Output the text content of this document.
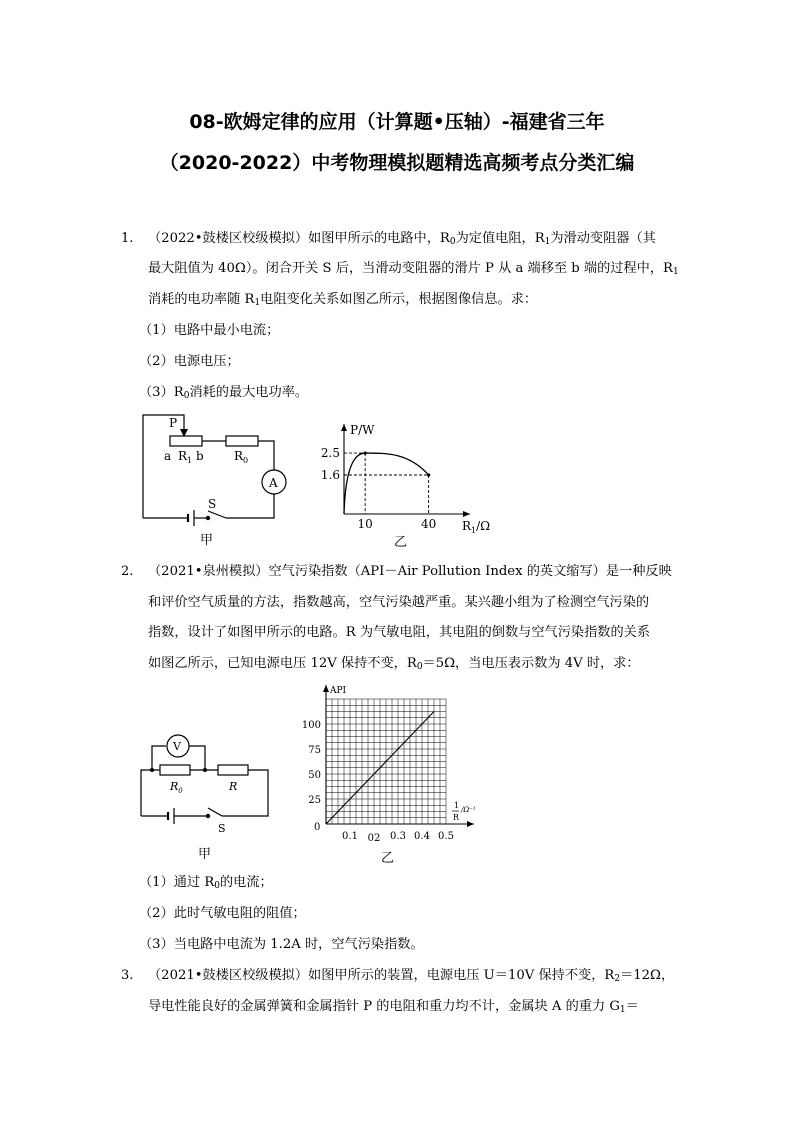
08-欧姆定律的应用（计算题•压轴）-福建省三年
（2020-2022）中考物理模拟题精选高频考点分类汇编
1. （2022•鼓楼区校级模拟）如图甲所示的电路中，$R_0$为定值电阻，$R_1$为滑动变阻器（其
最大阻值为 40Ω）。闭合开关 S 后，当滑动变阻器的滑片 P 从 a 端移至 b 端的过程中，$R_1$
消耗的电功率随 $R_1$电阻变化关系如图乙所示，根据图像信息。求：
（1）电路中最小电流；
（2）电源电压；
$(3)R_0$消耗的最大电功率。
P
a $R_1$ b	$R_0$
A
S
甲
P/W
$R_1/\Omega$
10	40
2.5
1.6
乙
2. （2021•泉州模拟）空气污染指数（API－Air Pollution Index 的英文缩写）是一种反映
和评价空气质量的方法，指数越高，空气污染越严重。某兴趣小组为了检测空气污染的
指数，设计了如图甲所示的电路。R 为气敏电阻，其电阻的倒数与空气污染指数的关系
如图乙所示，已知电源电压 12V 保持不变，$R_0=5\Omega$，当电压表示数为 4V 时，求：
V
$R_0$	R
S
甲
API
100
75
50
25
0.1 02 0.3 0.4 0.5
0
1
R
/Ω⁻¹
乙
（1）通过 $R_0$的电流；
（2）此时气敏电阻的阻值；
（3）当电路中电流为 1.2A 时，空气污染指数。
3. （2021•鼓楼区校级模拟）如图甲所示的装置，电源电压 U＝10V 保持不变，$R_2=12\Omega$，
导电性能良好的金属弹簧和金属指针 P 的电阻和重力均不计，金属块 A 的重力 $G_1=$
